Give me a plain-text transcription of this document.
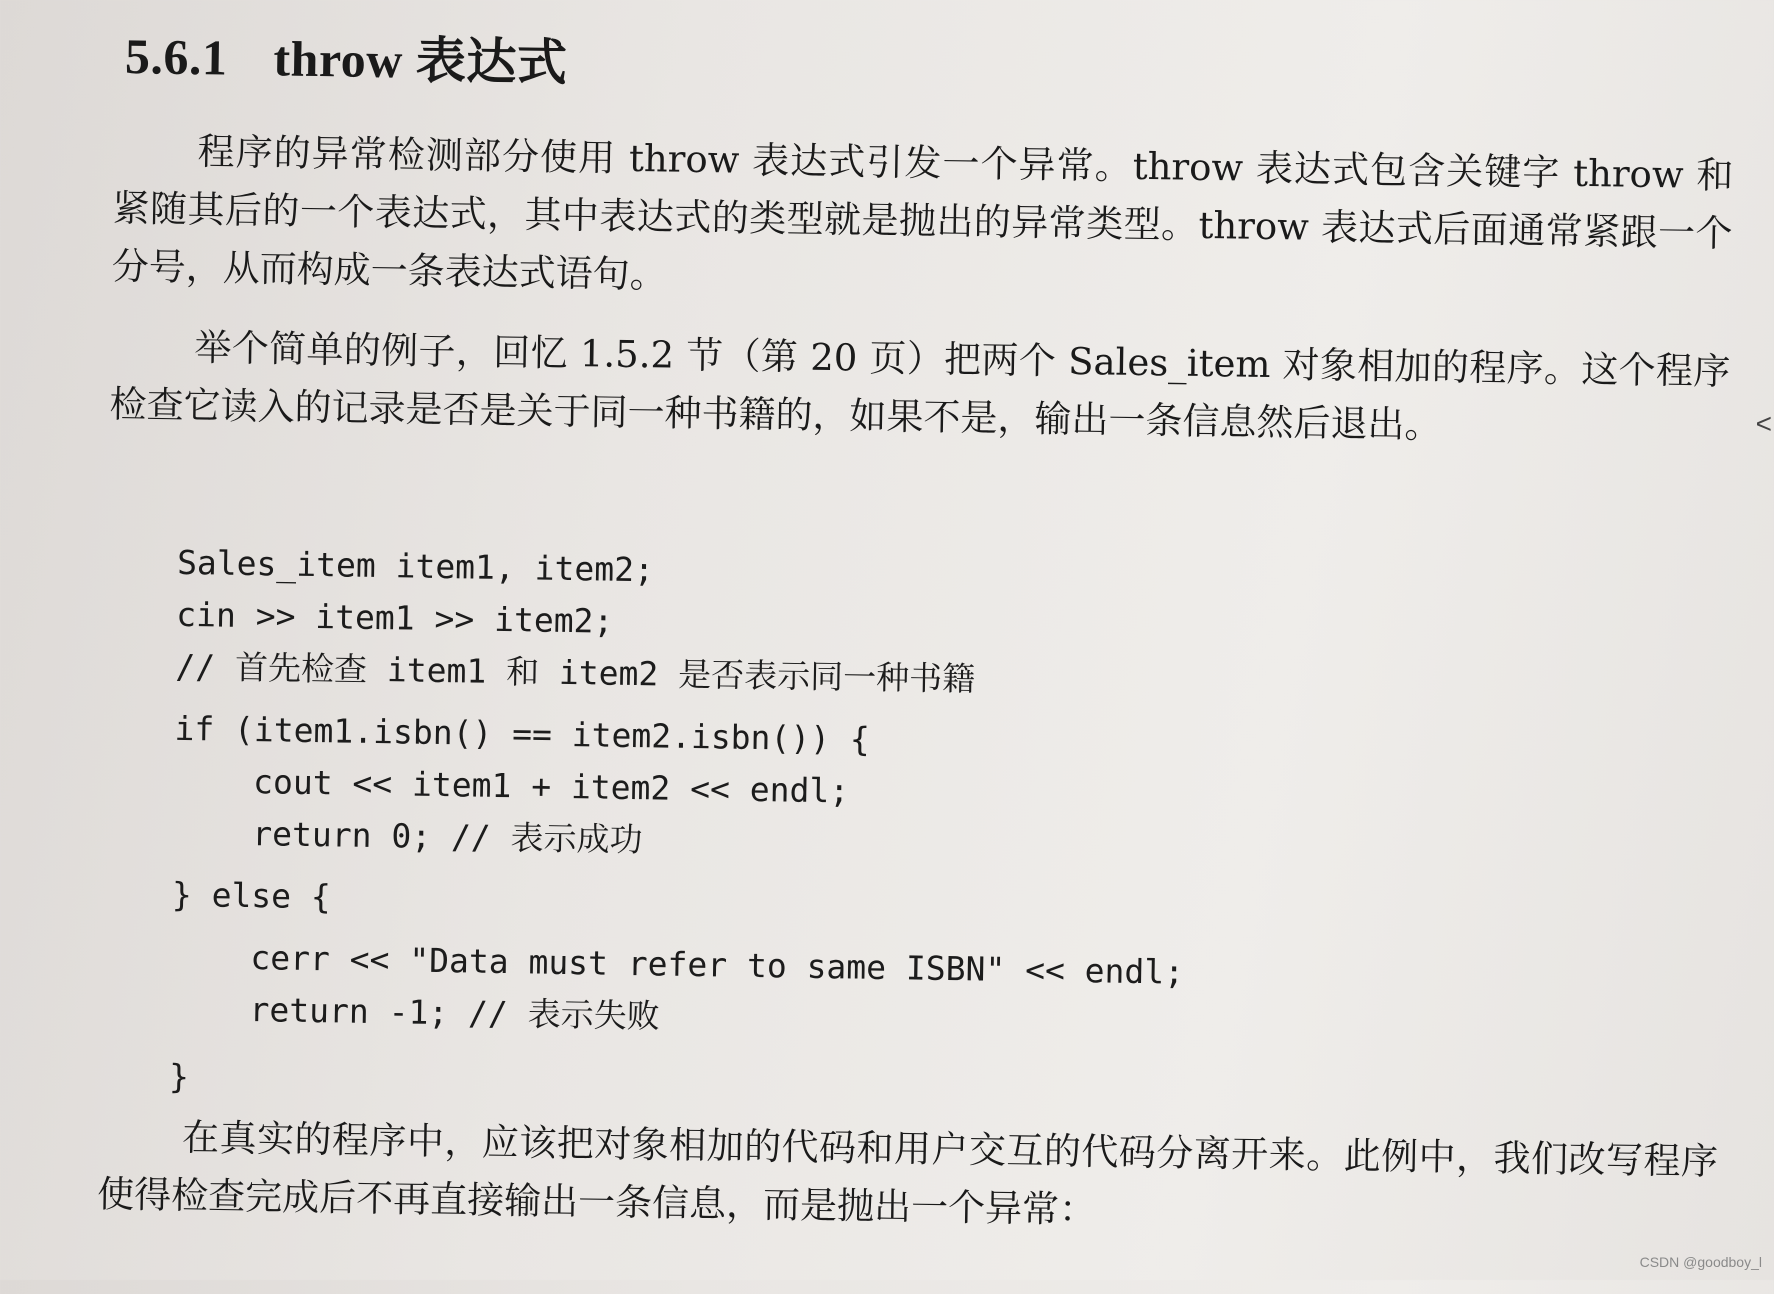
5.6.1 throw 表达式

程序的异常检测部分使用 throw 表达式引发一个异常。throw 表达式包含关键字 throw 和紧随其后的一个表达式，其中表达式的类型就是抛出的异常类型。throw 表达式后面通常紧跟一个分号，从而构成一条表达式语句。

举个简单的例子，回忆 1.5.2 节（第 20 页）把两个 Sales_item 对象相加的程序。这个程序检查它读入的记录是否是关于同一种书籍的，如果不是，输出一条信息然后退出。

Sales_item item1, item2;
cin >> item1 >> item2;
// 首先检查 item1 和 item2 是否表示同一种书籍
if (item1.isbn() == item2.isbn()) {
cout << item1 + item2 << endl;
return 0; // 表示成功
} else {
cerr << "Data must refer to same ISBN" << endl;
return -1; // 表示失败
}

在真实的程序中，应该把对象相加的代码和用户交互的代码分离开来。此例中，我们改写程序使得检查完成后不再直接输出一条信息，而是抛出一个异常：

<
CSDN @goodboy_l
